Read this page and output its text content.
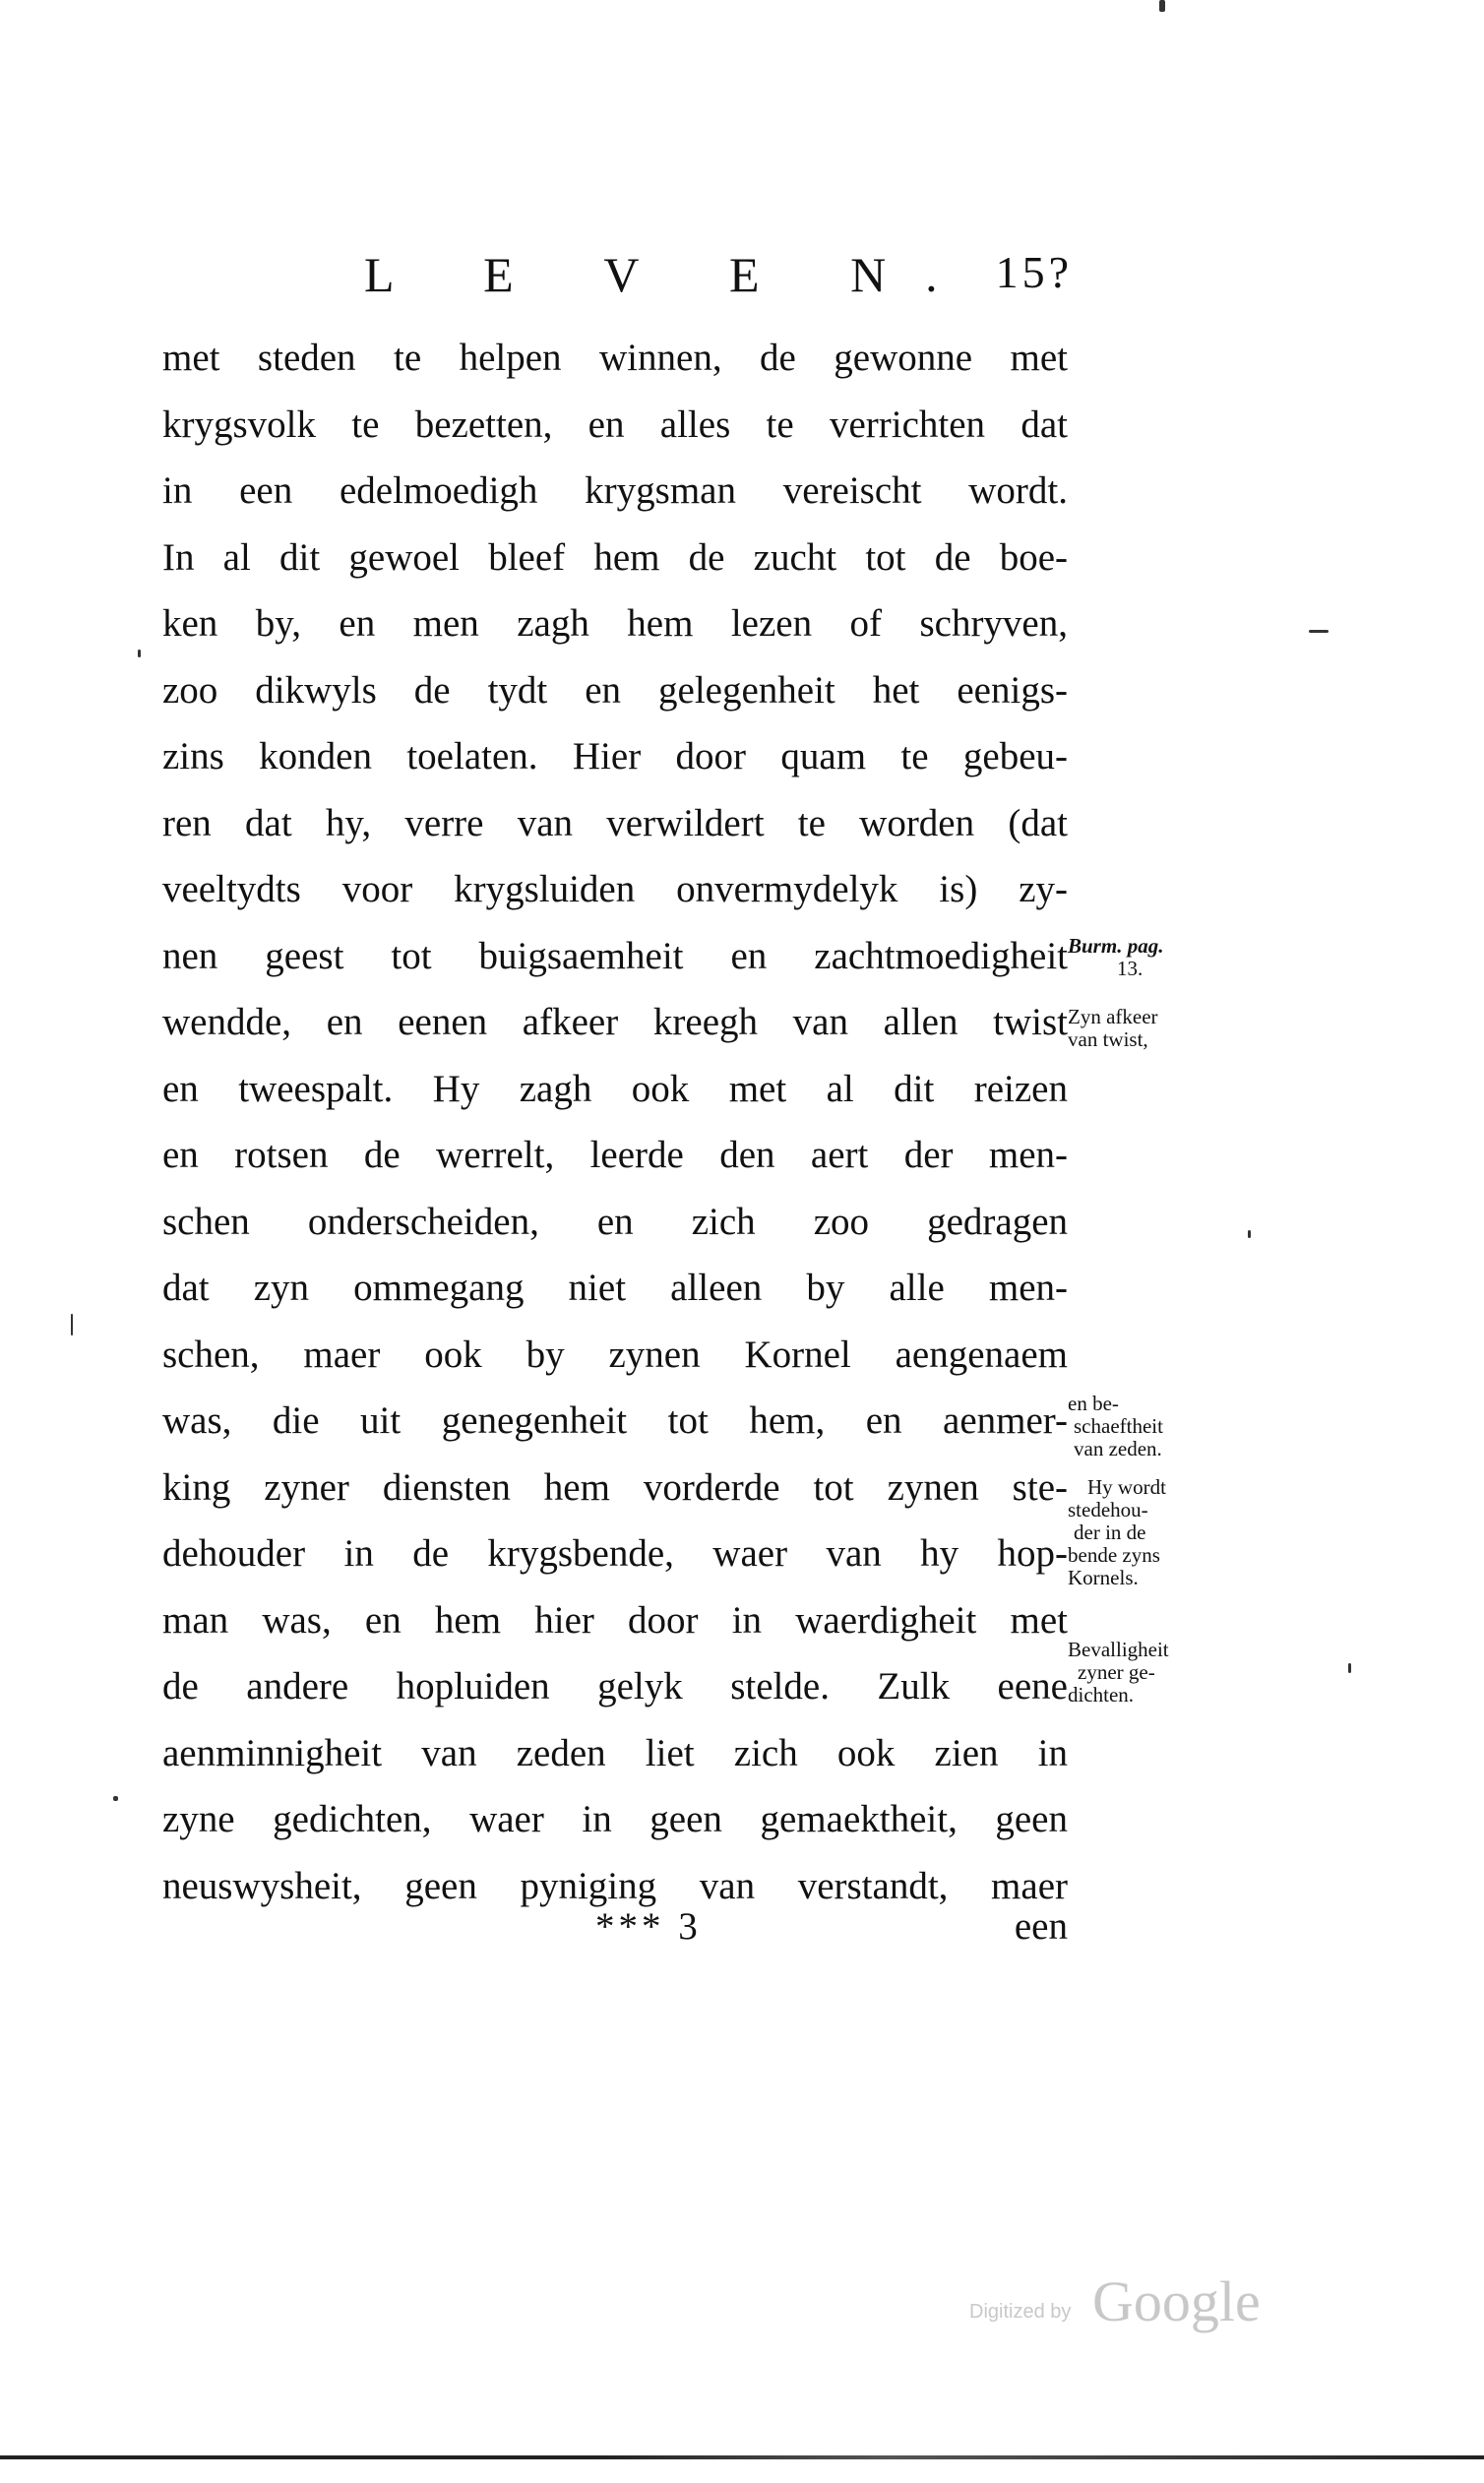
L E V E N. 15?
met steden te helpen winnen, de gewonne met
krygsvolk te bezetten, en alles te verrichten dat
in een edelmoedigh krygsman vereischt wordt.
In al dit gewoel bleef hem de zucht tot de boe-
ken by, en men zagh hem lezen of schryven,
zoo dikwyls de tydt en gelegenheit het eenigs-
zins konden toelaten. Hier door quam te gebeu-
ren dat hy, verre van verwildert te worden (dat
veeltydts voor krygsluiden onvermydelyk is) zy-
nen geest tot buigsaemheit en zachtmoedigheit
wendde, en eenen afkeer kreegh van allen twist
en tweespalt. Hy zagh ook met al dit reizen
en rotsen de werrelt, leerde den aert der men-
schen onderscheiden, en zich zoo gedragen
dat zyn ommegang niet alleen by alle men-
schen, maer ook by zynen Kornel aengenaem
was, die uit genegenheit tot hem, en aenmer-
king zyner diensten hem vorderde tot zynen ste-
dehouder in de krygsbende, waer van hy hop-
man was, en hem hier door in waerdigheit met
de andere hopluiden gelyk stelde. Zulk eene
aenminnigheit van zeden liet zich ook zien in
zyne gedichten, waer in geen gemaektheit, geen
neuswysheit, geen pyniging van verstandt, maer
Burm. pag.
13.
Zyn afkeer
van twist,
en be-
schaeftheit
van zeden.
Hy wordt
stedehou-
der in de
bende zyns
Kornels.
Bevalligheit
zyner ge-
dichten.
*** 3	een
Digitized by Google
